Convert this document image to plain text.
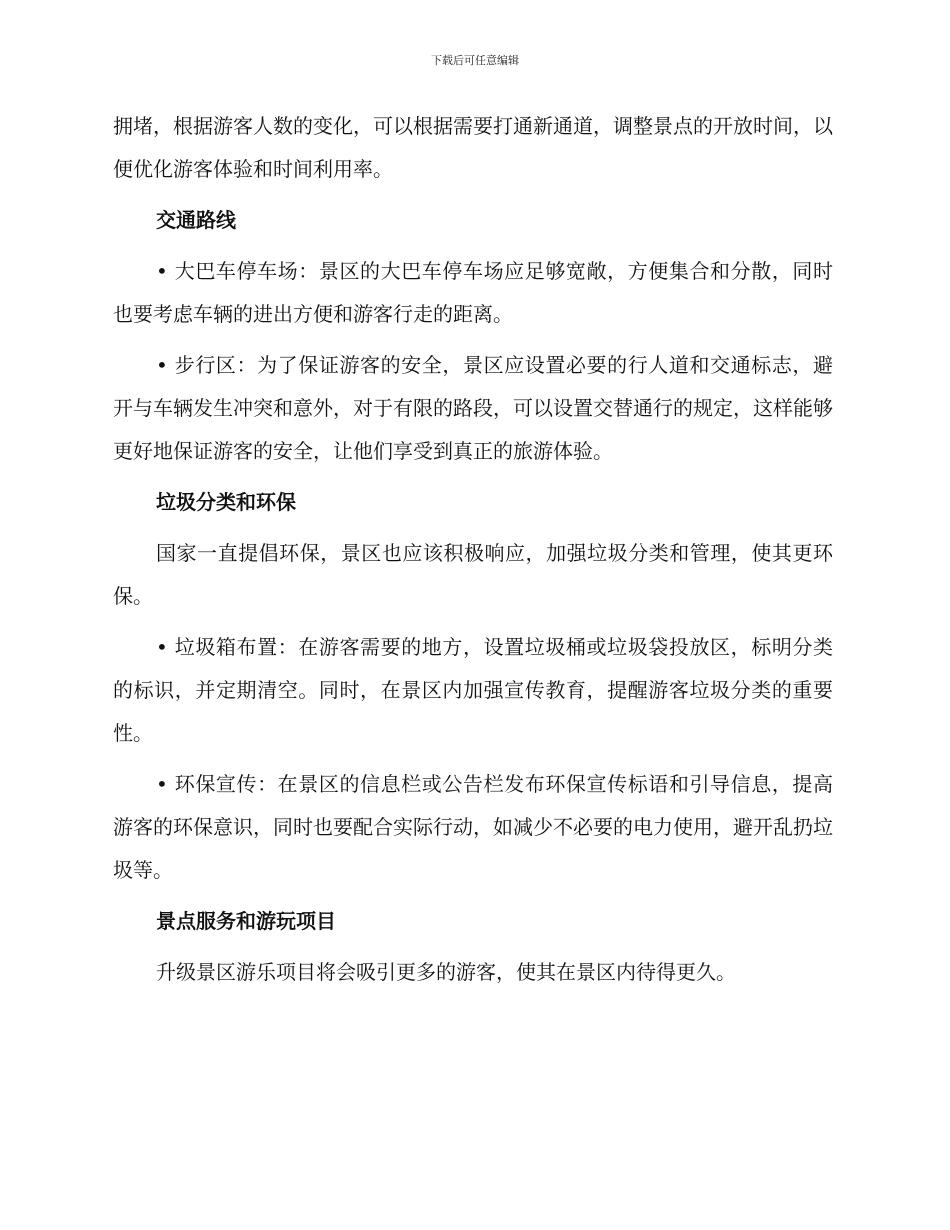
下载后可任意编辑

拥堵，根据游客人数的变化，可以根据需要打通新通道，调整景点的开放时间，以便优化游客体验和时间利用率。

交通路线

• 大巴车停车场：景区的大巴车停车场应足够宽敞，方便集合和分散，同时也要考虑车辆的进出方便和游客行走的距离。

• 步行区：为了保证游客的安全，景区应设置必要的行人道和交通标志，避开与车辆发生冲突和意外，对于有限的路段，可以设置交替通行的规定，这样能够更好地保证游客的安全，让他们享受到真正的旅游体验。

垃圾分类和环保

国家一直提倡环保，景区也应该积极响应，加强垃圾分类和管理，使其更环保。

• 垃圾箱布置：在游客需要的地方，设置垃圾桶或垃圾袋投放区，标明分类的标识，并定期清空。同时，在景区内加强宣传教育，提醒游客垃圾分类的重要性。

• 环保宣传：在景区的信息栏或公告栏发布环保宣传标语和引导信息，提高游客的环保意识，同时也要配合实际行动，如减少不必要的电力使用，避开乱扔垃圾等。

景点服务和游玩项目

升级景区游乐项目将会吸引更多的游客，使其在景区内待得更久。
